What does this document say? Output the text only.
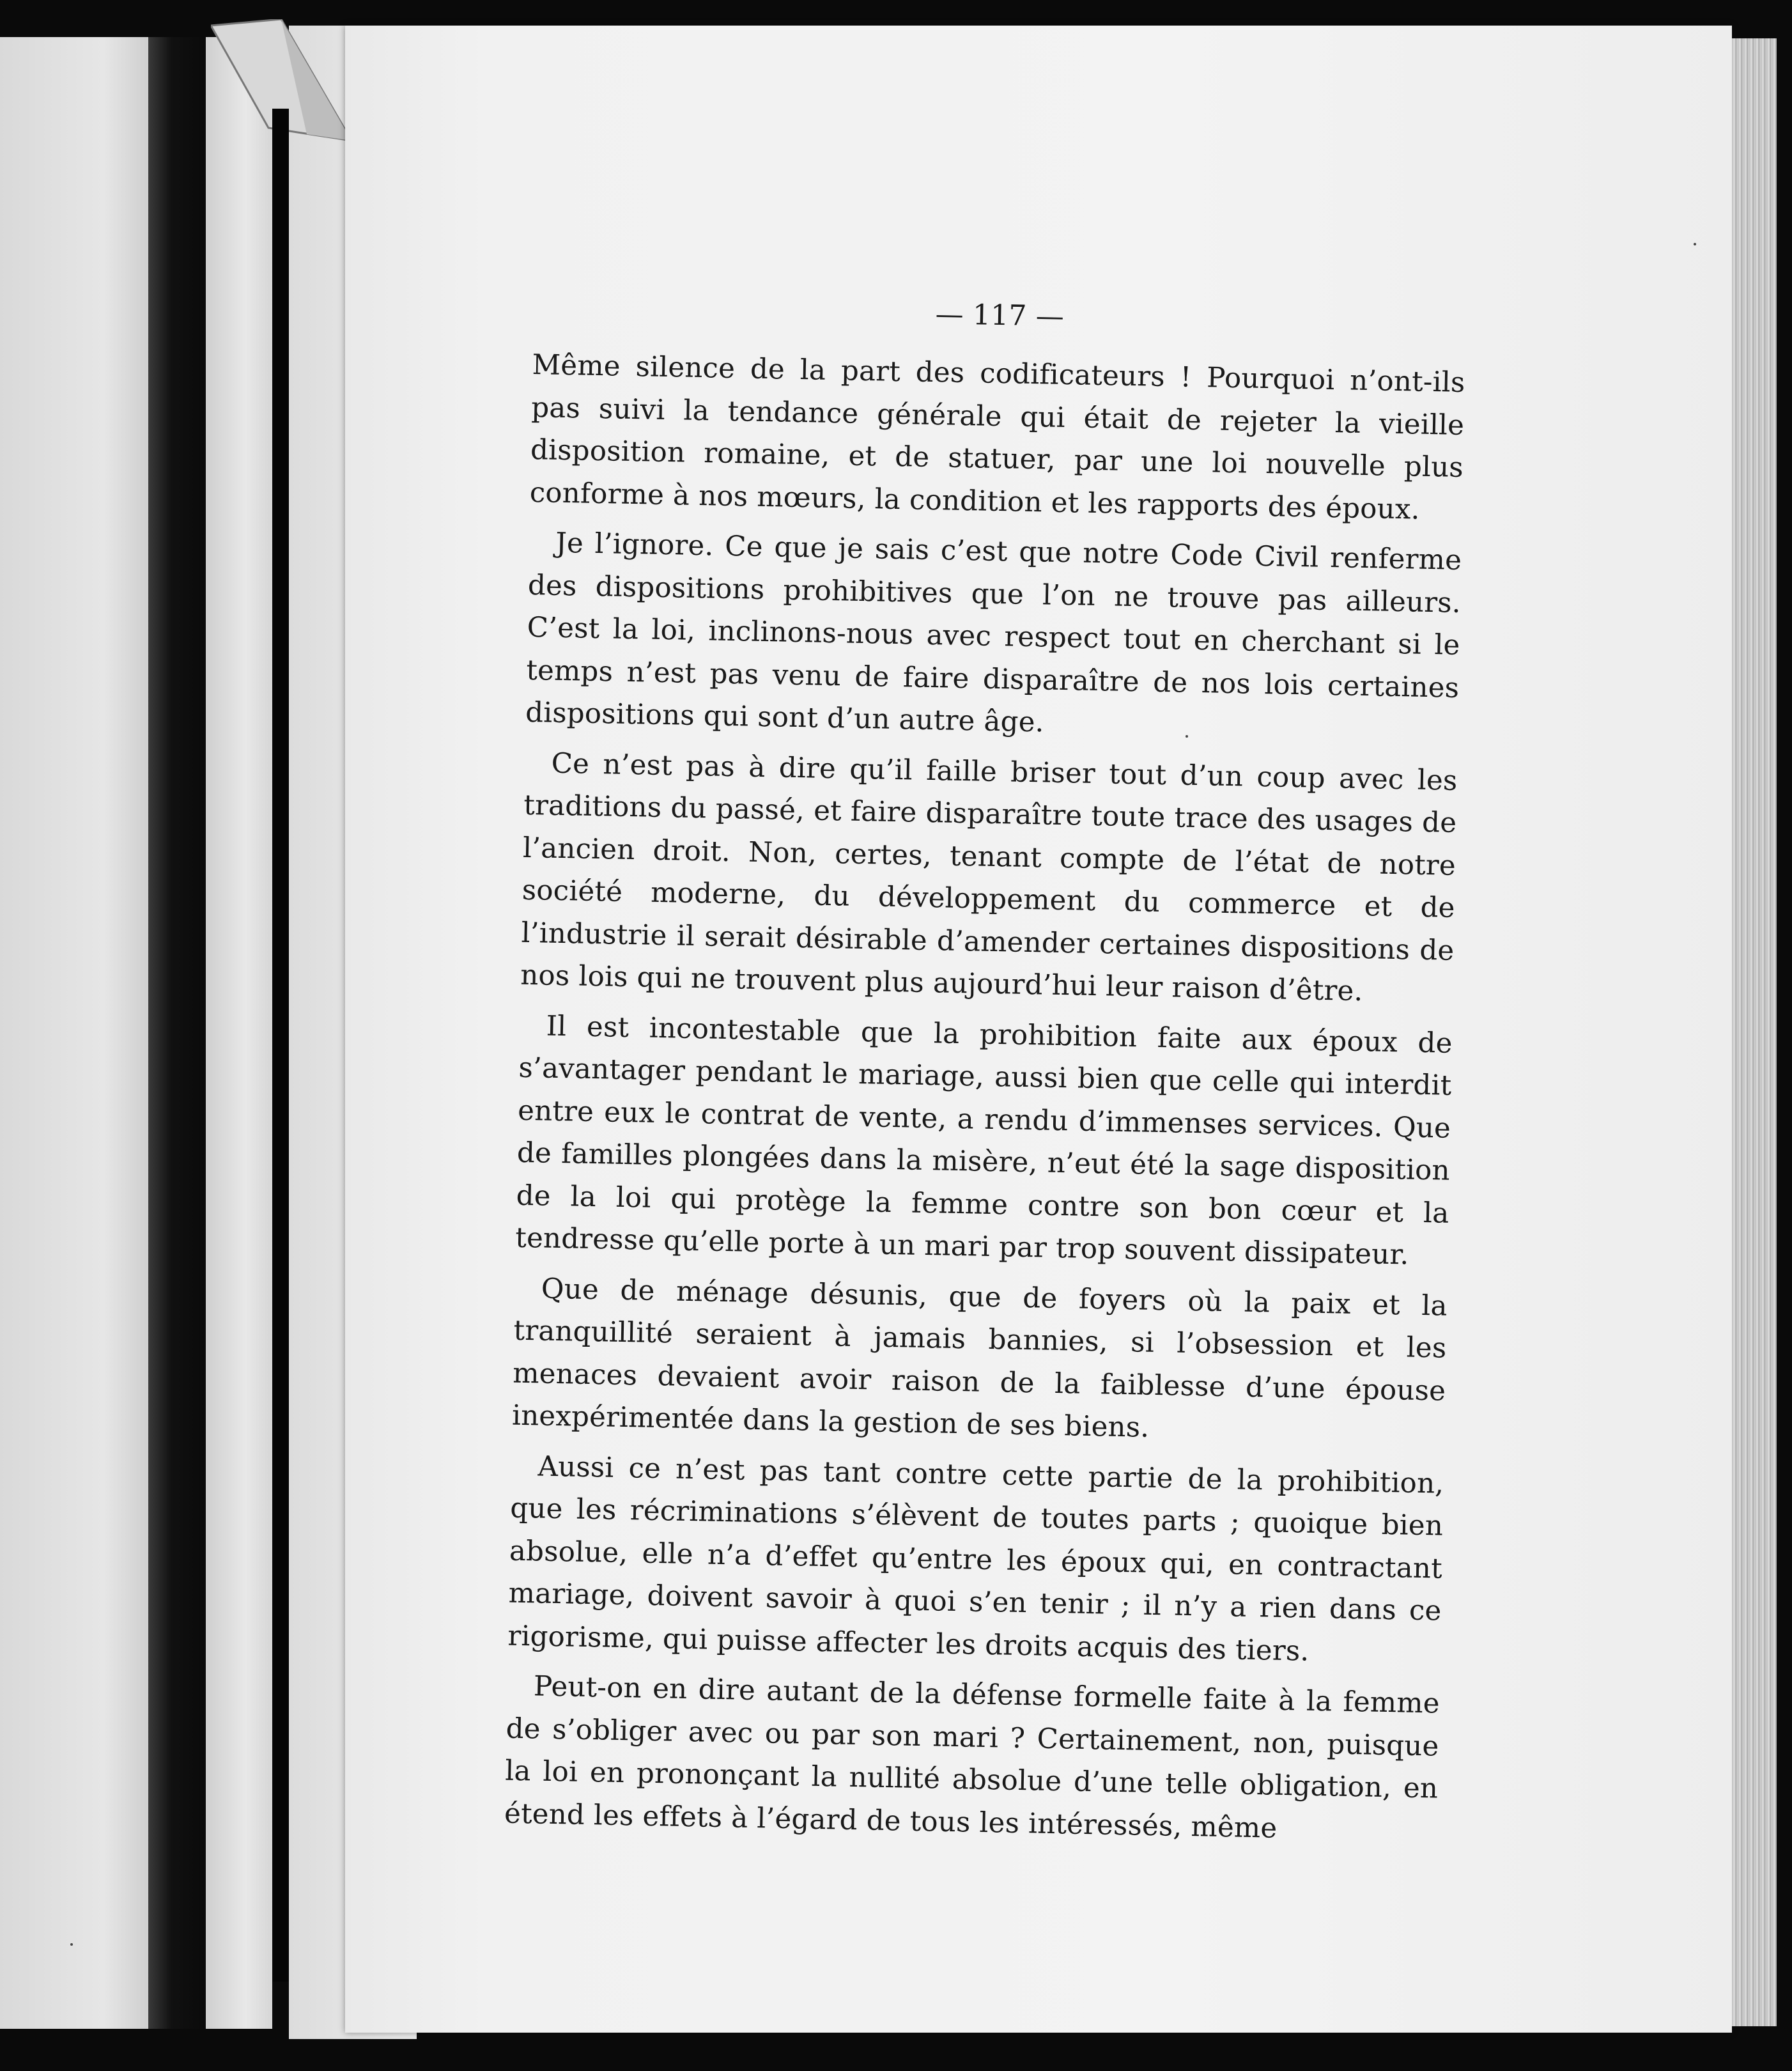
— 117 —

Même silence de la part des codificateurs ! Pourquoi n’ont-ils pas suivi la tendance générale qui était de rejeter la vieille disposition romaine, et de statuer, par une loi nouvelle plus conforme à nos mœurs, la condition et les rapports des époux.

Je l’ignore. Ce que je sais c’est que notre Code Civil renferme des dispositions prohibitives que l’on ne trouve pas ailleurs. C’est la loi, inclinons-nous avec respect tout en cherchant si le temps n’est pas venu de faire disparaître de nos lois certaines dispositions qui sont d’un autre âge.

Ce n’est pas à dire qu’il faille briser tout d’un coup avec les traditions du passé, et faire disparaître toute trace des usages de l’ancien droit. Non, certes, tenant compte de l’état de notre société moderne, du développement du commerce et de l’industrie il serait désirable d’amender certaines dispositions de nos lois qui ne trouvent plus aujourd’hui leur raison d’être.

Il est incontestable que la prohibition faite aux époux de s’avantager pendant le mariage, aussi bien que celle qui interdit entre eux le contrat de vente, a rendu d’immenses services. Que de familles plongées dans la misère, n’eut été la sage disposition de la loi qui protège la femme contre son bon cœur et la tendresse qu’elle porte à un mari par trop souvent dissipateur.

Que de ménage désunis, que de foyers où la paix et la tranquillité seraient à jamais bannies, si l’obsession et les menaces devaient avoir raison de la faiblesse d’une épouse inexpérimentée dans la gestion de ses biens.

Aussi ce n’est pas tant contre cette partie de la prohibition, que les récriminations s’élèvent de toutes parts ; quoique bien absolue, elle n’a d’effet qu’entre les époux qui, en contractant mariage, doivent savoir à quoi s’en tenir ; il n’y a rien dans ce rigorisme, qui puisse affecter les droits acquis des tiers.

Peut-on en dire autant de la défense formelle faite à la femme de s’obliger avec ou par son mari ? Certainement, non, puisque la loi en prononçant la nullité absolue d’une telle obligation, en étend les effets à l’égard de tous les intéressés, même
